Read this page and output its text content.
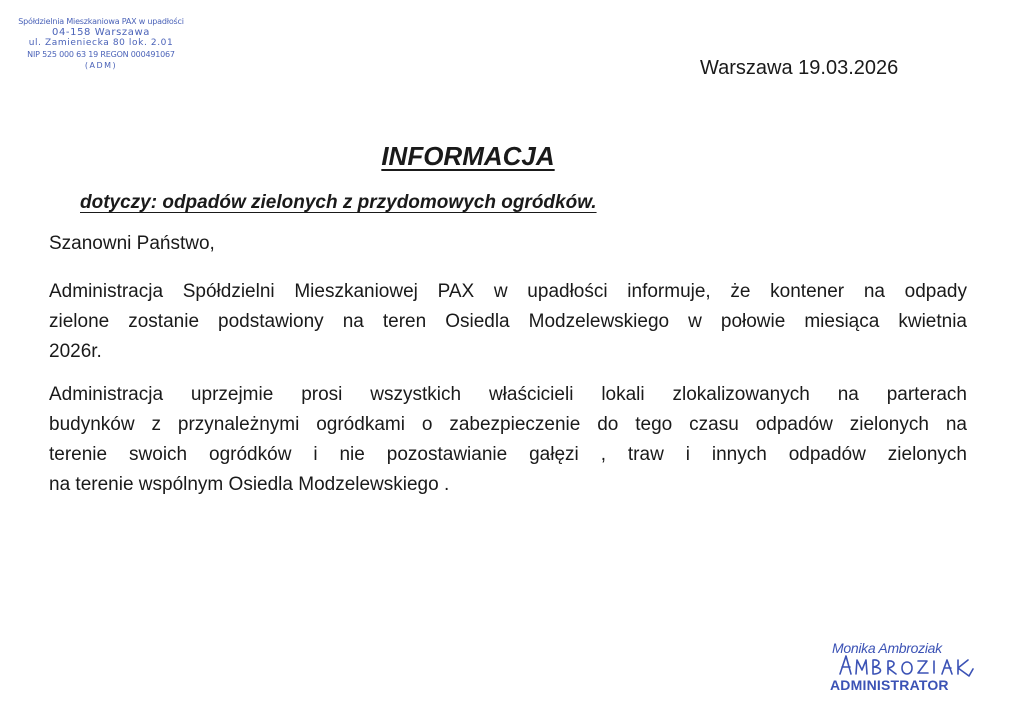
Spółdzielnia Mieszkaniowa PAX w upadłości
04-158 Warszawa
ul. Zamieniecka 80 lok. 2.01
NIP 525 000 63 19 REGON 000491067
(ADM)	Warszawa 19.03.2026
INFORMACJA
dotyczy: odpadów zielonych z przydomowych ogródków.
Szanowni Państwo,
Administracja Spółdzielni Mieszkaniowej PAX w upadłości informuje, że kontener na odpady
zielone zostanie podstawiony na teren Osiedla Modzelewskiego w połowie miesiąca kwietnia
2026r.
Administracja uprzejmie prosi wszystkich właścicieli lokali zlokalizowanych na parterach
budynków z przynależnymi ogródkami o zabezpieczenie do tego czasu odpadów zielonych na
terenie swoich ogródków i nie pozostawianie gałęzi , traw i innych odpadów zielonych
na terenie wspólnym Osiedla Modzelewskiego .
Monika Ambroziak
ADMINISTRATOR
